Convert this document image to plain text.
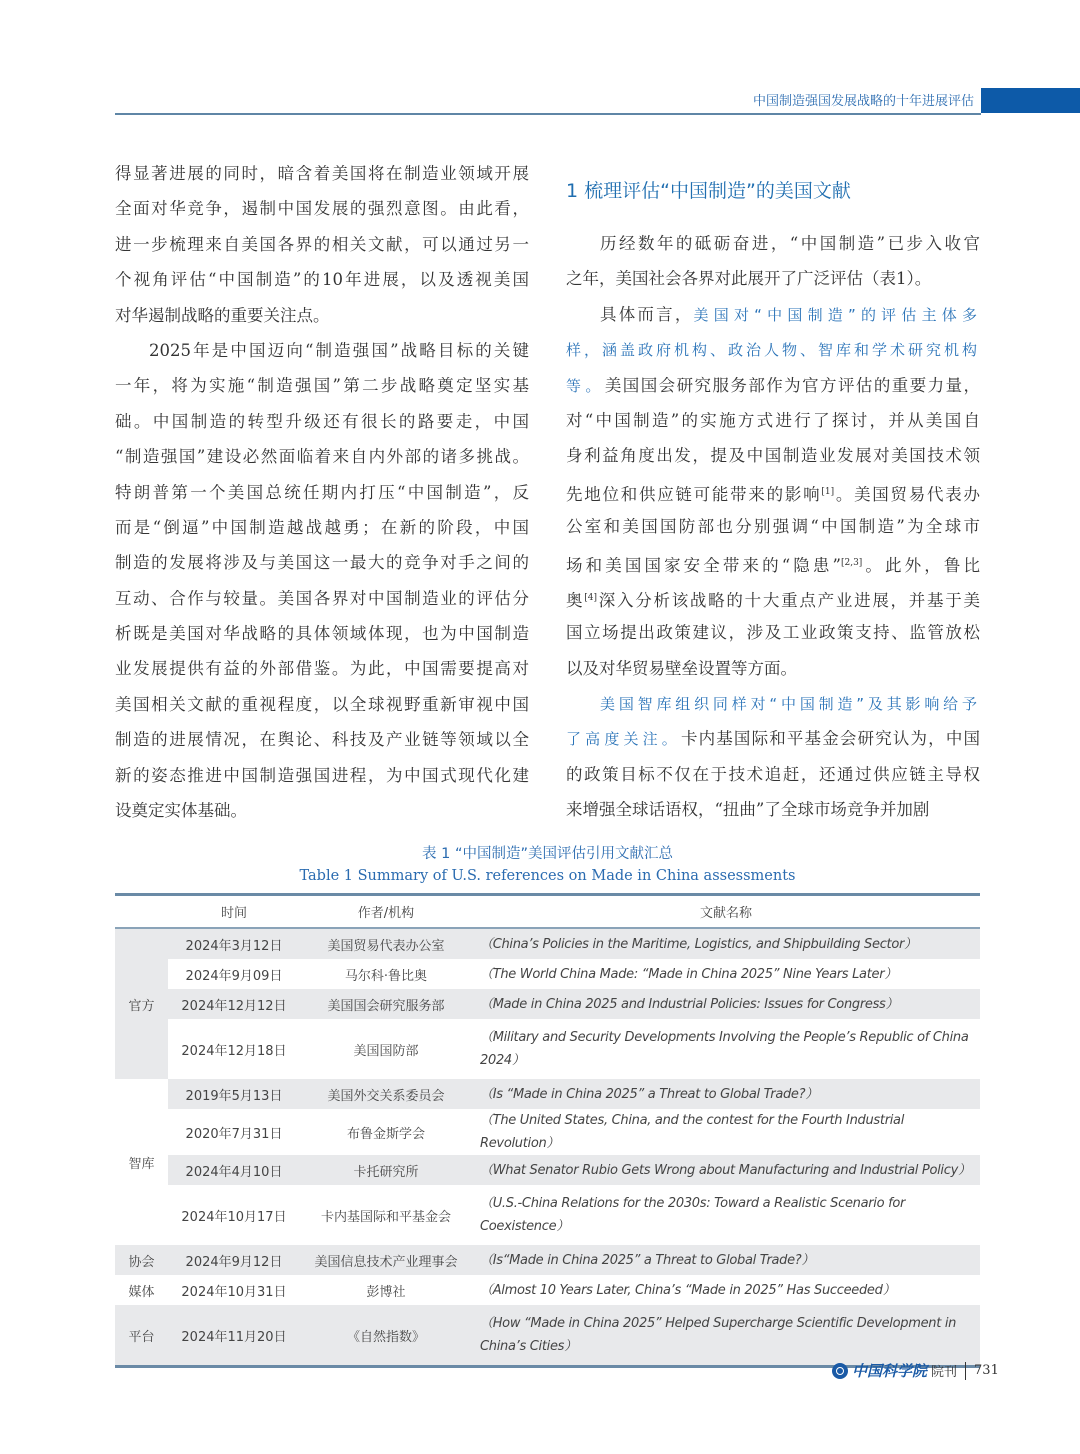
中国制造强国发展战略的十年进展评估
得显著进展的同时，暗含着美国将在制造业领域开展
全面对华竞争，遏制中国发展的强烈意图。由此看，
进一步梳理来自美国各界的相关文献，可以通过另一
个视角评估“中国制造”的10年进展，以及透视美国
对华遏制战略的重要关注点。
2025年是中国迈向“制造强国”战略目标的关键
一年，将为实施“制造强国”第二步战略奠定坚实基
础。中国制造的转型升级还有很长的路要走，中国
“制造强国”建设必然面临着来自内外部的诸多挑战。
特朗普第一个美国总统任期内打压“中国制造”，反
而是“倒逼”中国制造越战越勇；在新的阶段，中国
制造的发展将涉及与美国这一最大的竞争对手之间的
互动、合作与较量。美国各界对中国制造业的评估分
析既是美国对华战略的具体领域体现，也为中国制造
业发展提供有益的外部借鉴。为此，中国需要提高对
美国相关文献的重视程度，以全球视野重新审视中国
制造的进展情况，在舆论、科技及产业链等领域以全
新的姿态推进中国制造强国进程，为中国式现代化建
设奠定实体基础。
1 梳理评估“中国制造”的美国文献
历经数年的砥砺奋进，“中国制造”已步入收官
之年，美国社会各界对此展开了广泛评估（表1）。
具体而言，美国对“中国制造”的评估主体多
样，涵盖政府机构、政治人物、智库和学术研究机构
等。美国国会研究服务部作为官方评估的重要力量，
对“中国制造”的实施方式进行了探讨，并从美国自
身利益角度出发，提及中国制造业发展对美国技术领
先地位和供应链可能带来的影响[1]。美国贸易代表办
公室和美国国防部也分别强调“中国制造”为全球市
场和美国国家安全带来的“隐患”[2,3]。此外，鲁比
奥[4]深入分析该战略的十大重点产业进展，并基于美
国立场提出政策建议，涉及工业政策支持、监管放松
以及对华贸易壁垒设置等方面。
美国智库组织同样对“中国制造”及其影响给予
了高度关注。卡内基国际和平基金会研究认为，中国
的政策目标不仅在于技术追赶，还通过供应链主导权
来增强全球话语权，“扭曲”了全球市场竞争并加剧
表 1 “中国制造”美国评估引用文献汇总
Table 1 Summary of U.S. references on Made in China assessments
	时间	作者/机构	文献名称
官方	2024年3月12日	美国贸易代表办公室	（China’s Policies in the Maritime, Logistics, and Shipbuilding Sector）
	2024年9月09日	马尔科·鲁比奥	（The World China Made: “Made in China 2025” Nine Years Later）
	2024年12月12日	美国国会研究服务部	（Made in China 2025 and Industrial Policies: Issues for Congress）
	2024年12月18日	美国国防部	（Military and Security Developments Involving the People’s Republic of China 2024）
智库	2019年5月13日	美国外交关系委员会	（Is “Made in China 2025” a Threat to Global Trade?）
	2020年7月31日	布鲁金斯学会	（The United States, China, and the contest for the Fourth Industrial Revolution）
	2024年4月10日	卡托研究所	（What Senator Rubio Gets Wrong about Manufacturing and Industrial Policy）
	2024年10月17日	卡内基国际和平基金会	（U.S.-China Relations for the 2030s: Toward a Realistic Scenario for Coexistence）
协会	2024年9月12日	美国信息技术产业理事会	（Is“Made in China 2025” a Threat to Global Trade?）
媒体	2024年10月31日	彭博社	（Almost 10 Years Later, China’s “Made in 2025” Has Succeeded）
平台	2024年11月20日	《自然指数》	（How “Made in China 2025” Helped Supercharge Scientific Development in China’s Cities）
中国科学院 院刊 731
